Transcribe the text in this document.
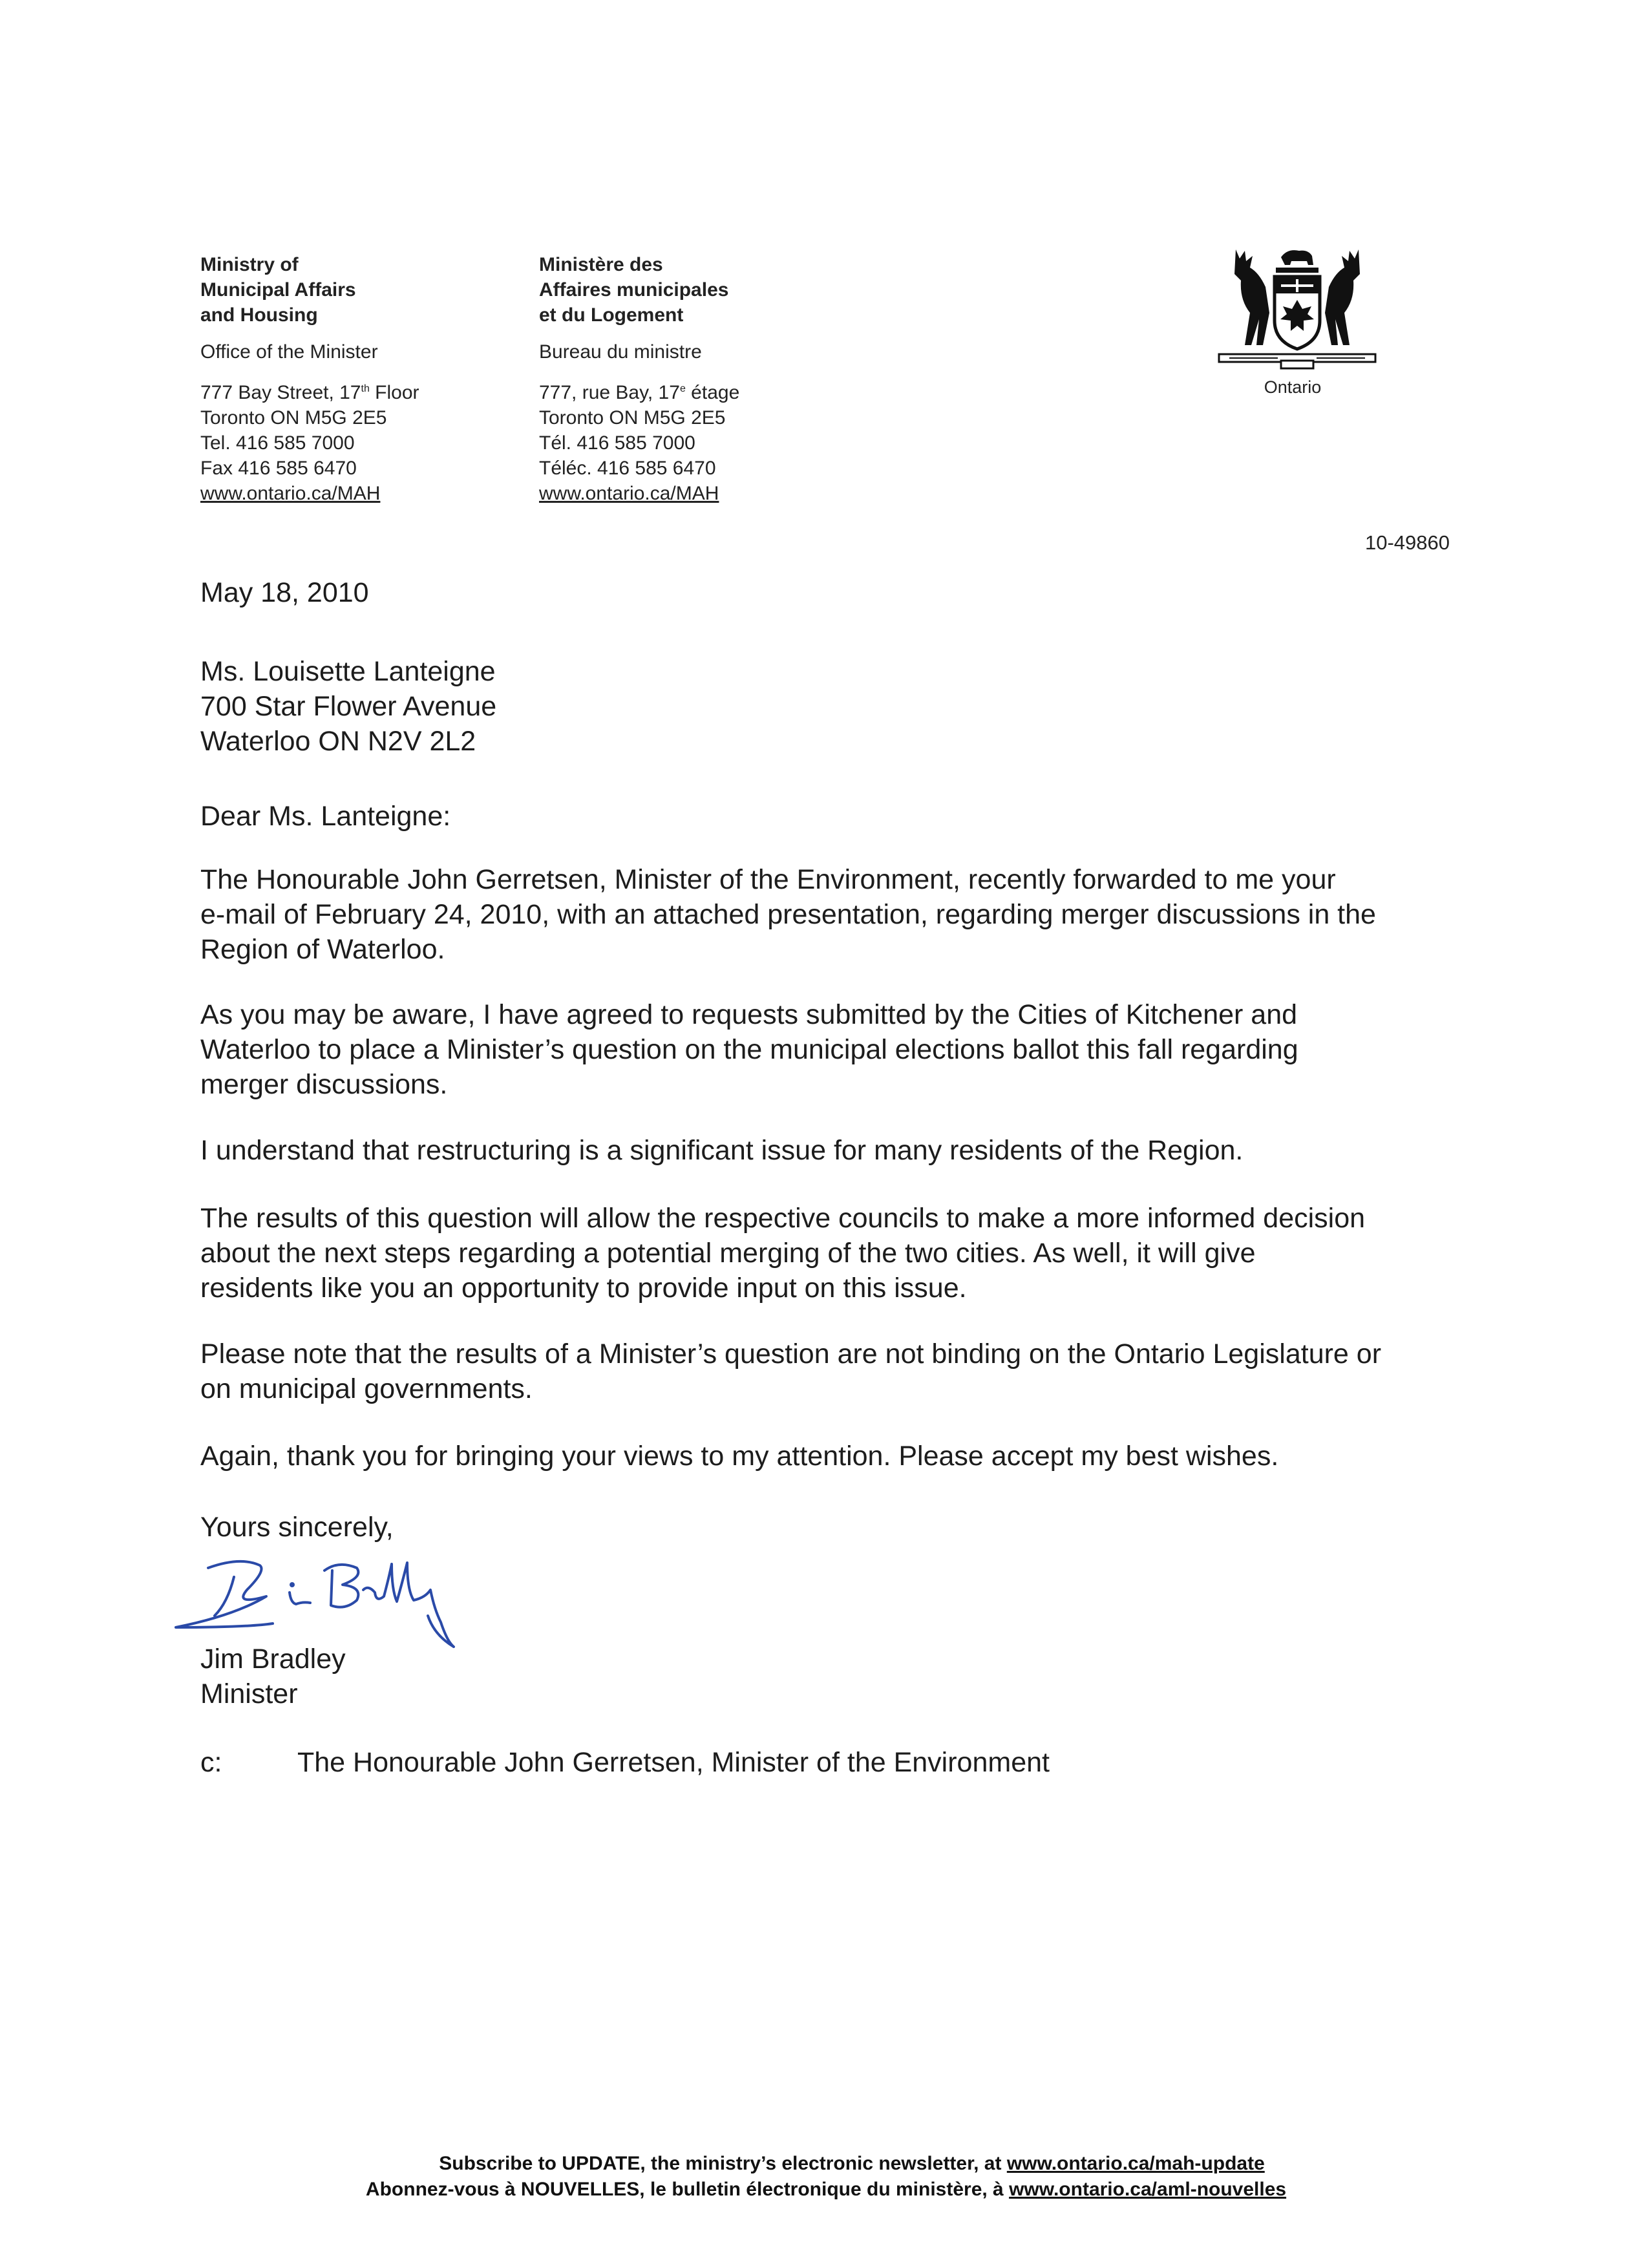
Ministry of
Municipal Affairs
and Housing
Office of the Minister
777 Bay Street, 17th Floor
Toronto ON M5G 2E5
Tel. 416 585 7000
Fax 416 585 6470
www.ontario.ca/MAH
Ministère des
Affaires municipales
et du Logement
Bureau du ministre
777, rue Bay, 17e étage
Toronto ON M5G 2E5
Tél. 416 585 7000
Téléc. 416 585 6470
www.ontario.ca/MAH
Ontario
10-49860
May 18, 2010
Ms. Louisette Lanteigne
700 Star Flower Avenue
Waterloo ON N2V 2L2
Dear Ms. Lanteigne:
The Honourable John Gerretsen, Minister of the Environment, recently forwarded to me your
e-mail of February 24, 2010, with an attached presentation, regarding merger discussions in the
Region of Waterloo.
As you may be aware, I have agreed to requests submitted by the Cities of Kitchener and
Waterloo to place a Minister’s question on the municipal elections ballot this fall regarding
merger discussions.
I understand that restructuring is a significant issue for many residents of the Region.
The results of this question will allow the respective councils to make a more informed decision
about the next steps regarding a potential merging of the two cities. As well, it will give
residents like you an opportunity to provide input on this issue.
Please note that the results of a Minister’s question are not binding on the Ontario Legislature or
on municipal governments.
Again, thank you for bringing your views to my attention. Please accept my best wishes.
Yours sincerely,
Jim Bradley
Minister
c:	The Honourable John Gerretsen, Minister of the Environment
Subscribe to UPDATE, the ministry’s electronic newsletter, at www.ontario.ca/mah-update
Abonnez-vous à NOUVELLES, le bulletin électronique du ministère, à www.ontario.ca/aml-nouvelles
